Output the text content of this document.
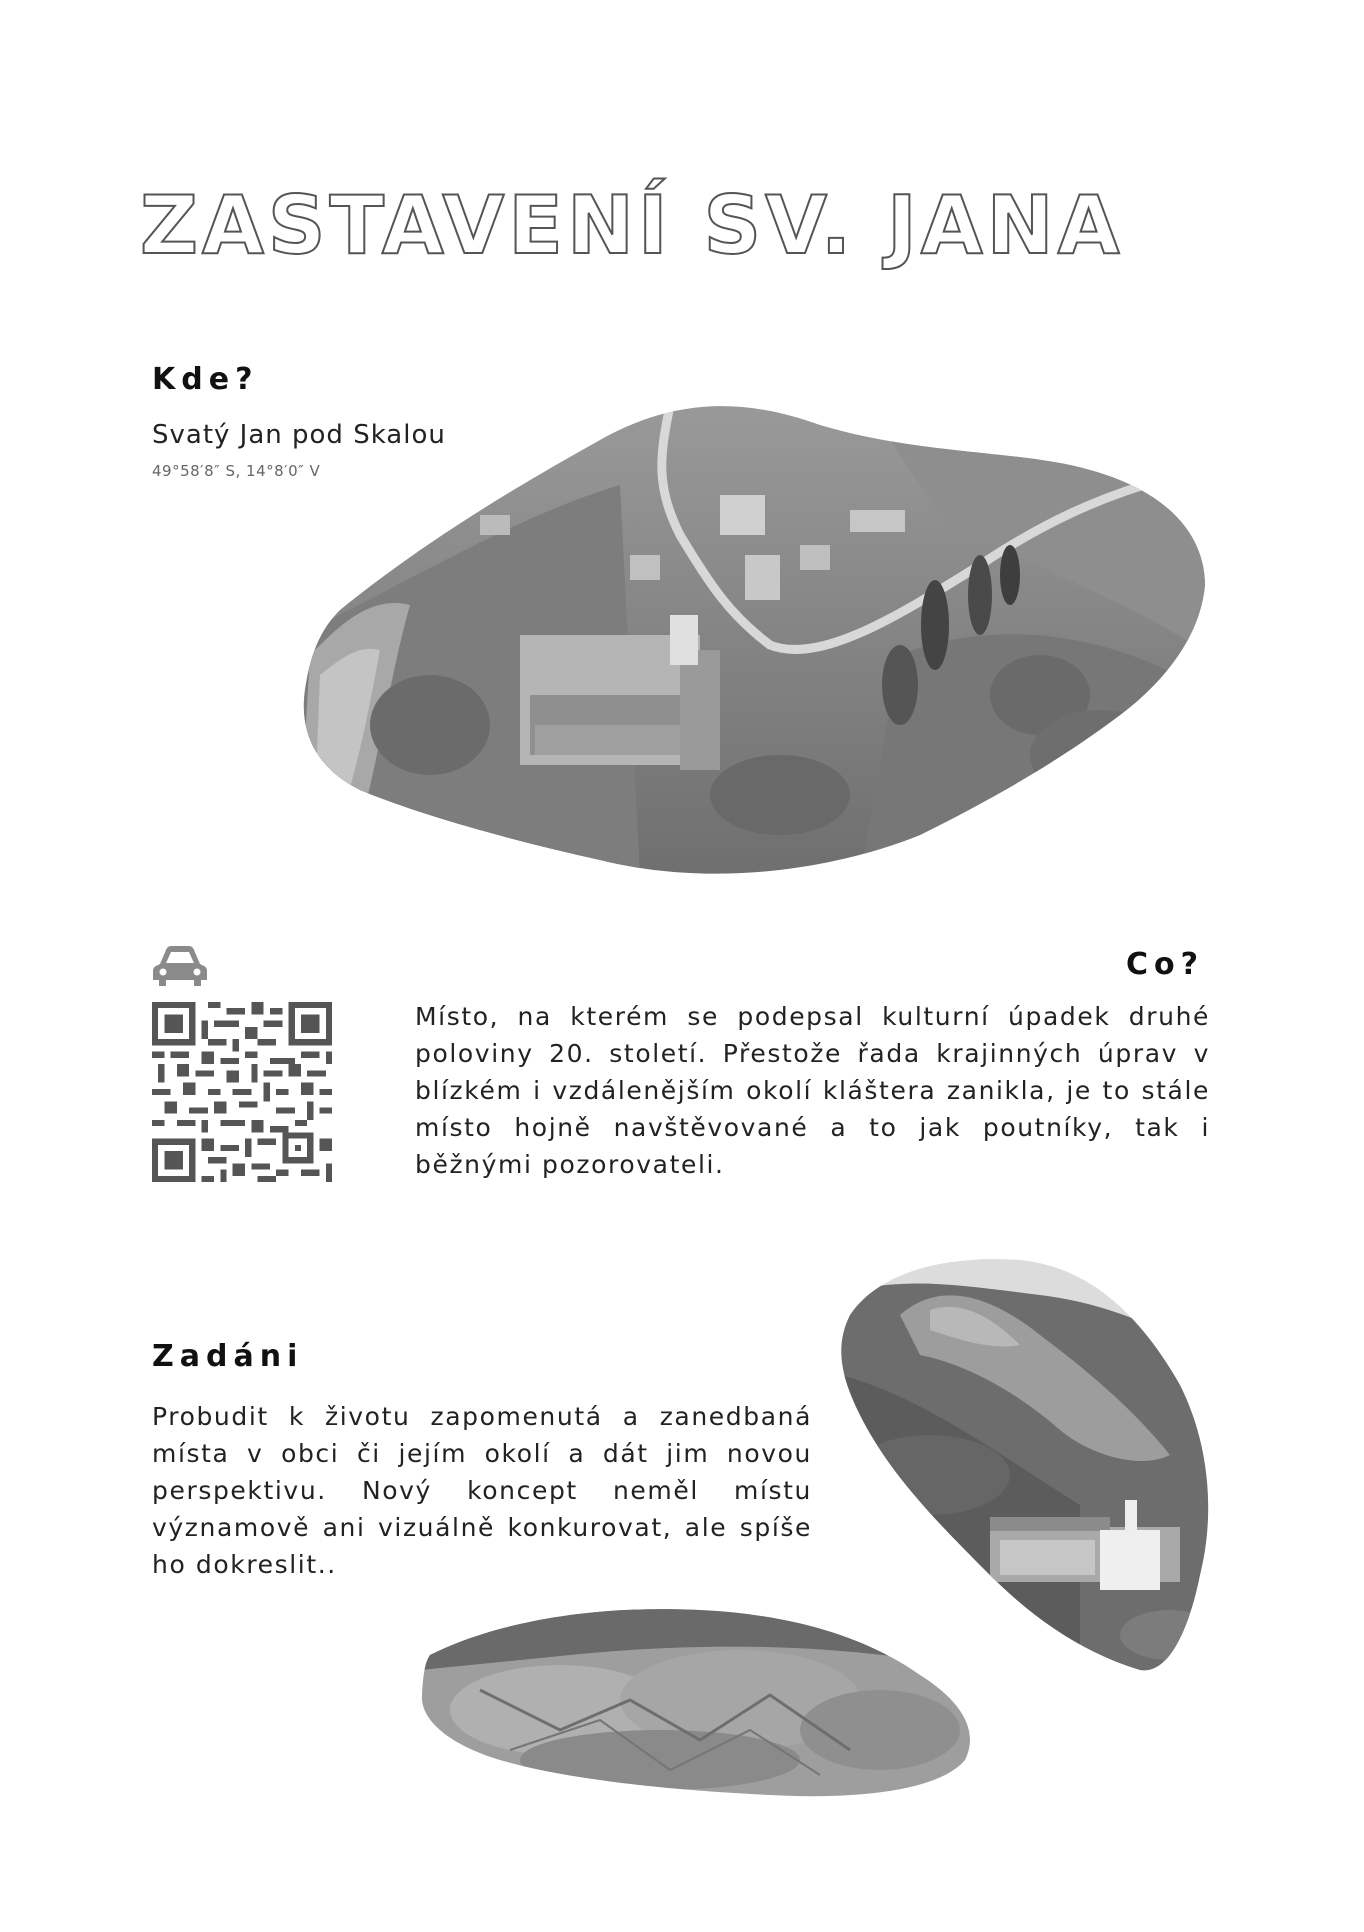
ZASTAVENÍ SV. JANA
Kde?
Svatý Jan pod Skalou
49°58′8″ S, 14°8′0″ V
Co?

Místo, na kterém se podepsal kulturní úpadek druhé poloviny 20. století. Přestože řada krajinných úprav v blízkém i vzdálenějším okolí kláštera zanikla, je to stále místo hojně navštěvované a to jak poutníky, tak i běžnými pozorovateli.

Zadáni

Probudit k životu zapomenutá a zanedbaná místa v obci či jejím okolí a dát jim novou perspektivu. Nový koncept neměl místu významově ani vizuálně konkurovat, ale spíše ho dokreslit..
